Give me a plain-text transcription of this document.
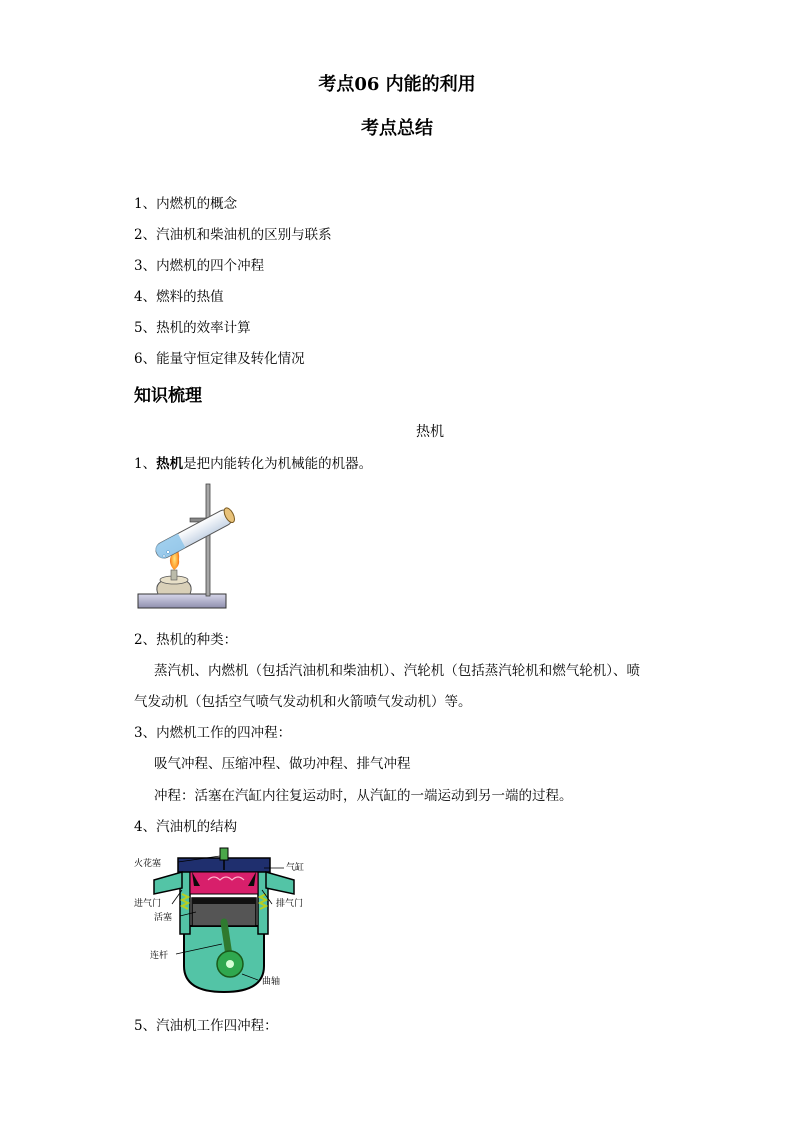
考点06 内能的利用
考点总结
1、内燃机的概念
2、汽油机和柴油机的区别与联系
3、内燃机的四个冲程
4、燃料的热值
5、热机的效率计算
6、能量守恒定律及转化情况
知识梳理
热机
1、热机是把内能转化为机械能的机器。
2、热机的种类：
蒸汽机、内燃机（包括汽油机和柴油机）、汽轮机（包括蒸汽轮机和燃气轮机）、喷
气发动机（包括空气喷气发动机和火箭喷气发动机）等。
3、内燃机工作的四冲程：
吸气冲程、压缩冲程、做功冲程、排气冲程
冲程：活塞在汽缸内往复运动时，从汽缸的一端运动到另一端的过程。
4、汽油机的结构
火花塞	气缸
进气门	排气门
活塞
连杆
曲轴
5、汽油机工作四冲程：
